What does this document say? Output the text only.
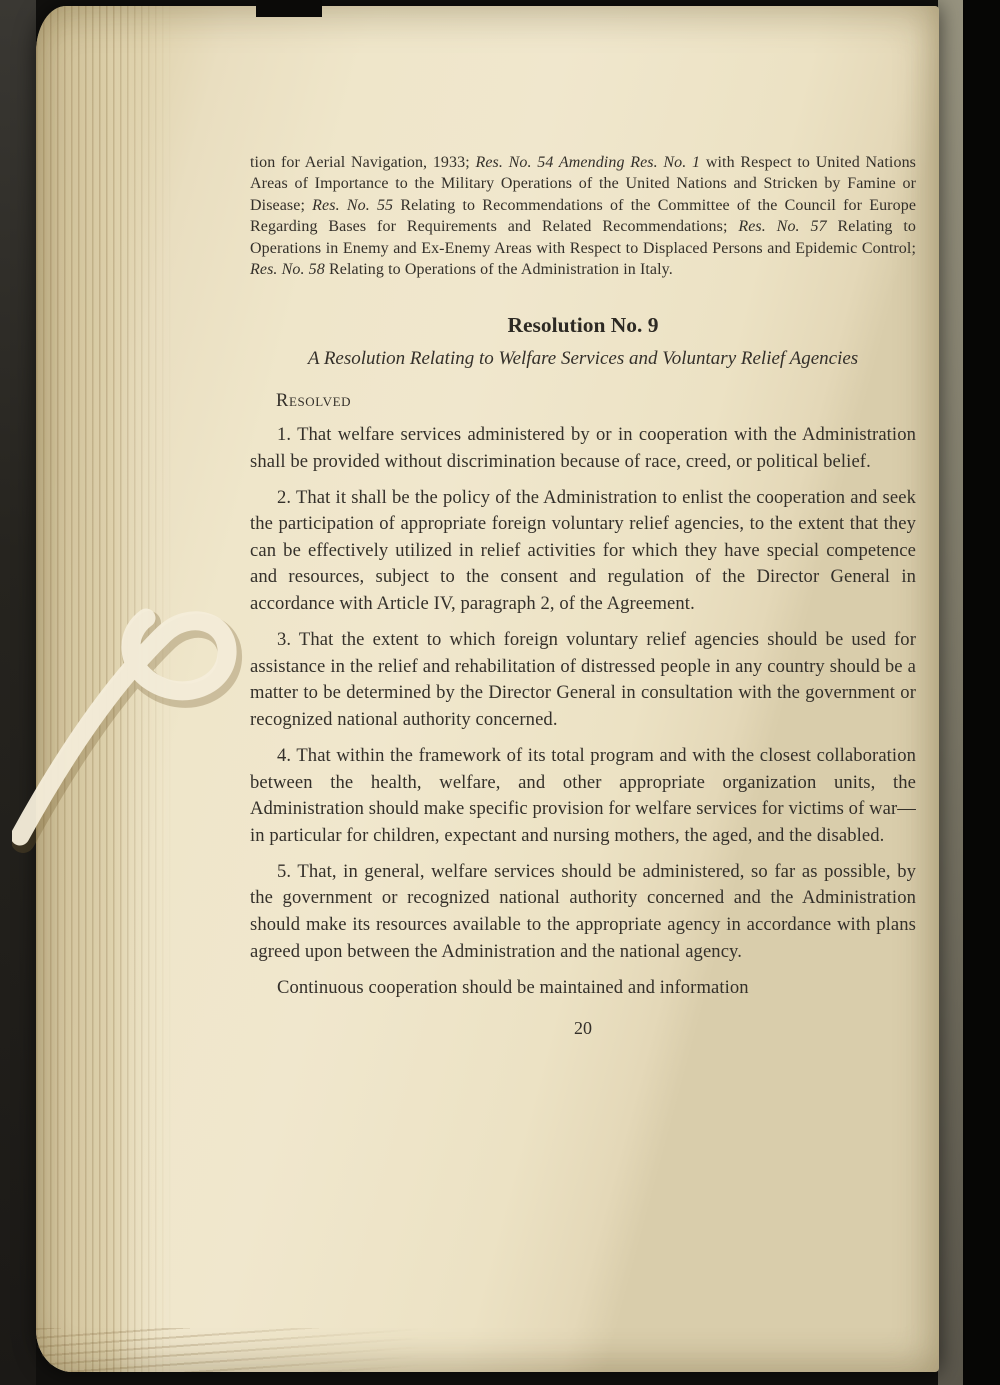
tion for Aerial Navigation, 1933; Res. No. 54 Amending Res. No. 1 with Respect to United Nations Areas of Importance to the Military Operations of the United Nations and Stricken by Famine or Disease; Res. No. 55 Relating to Recommendations of the Committee of the Council for Europe Regarding Bases for Requirements and Related Recommendations; Res. No. 57 Relating to Operations in Enemy and Ex-Enemy Areas with Respect to Displaced Persons and Epidemic Control; Res. No. 58 Relating to Operations of the Administration in Italy.

Resolution No. 9

A Resolution Relating to Welfare Services and Voluntary Relief Agencies

Resolved

1. That welfare services administered by or in cooperation with the Administration shall be provided without discrimination because of race, creed, or political belief.

2. That it shall be the policy of the Administration to enlist the cooperation and seek the participation of appropriate foreign voluntary relief agencies, to the extent that they can be effectively utilized in relief activities for which they have special competence and resources, subject to the consent and regulation of the Director General in accordance with Article IV, paragraph 2, of the Agreement.

3. That the extent to which foreign voluntary relief agencies should be used for assistance in the relief and rehabilitation of distressed people in any country should be a matter to be determined by the Director General in consultation with the government or recognized national authority concerned.

4. That within the framework of its total program and with the closest collaboration between the health, welfare, and other appropriate organization units, the Administration should make specific provision for welfare services for victims of war—in particular for children, expectant and nursing mothers, the aged, and the disabled.

5. That, in general, welfare services should be administered, so far as possible, by the government or recognized national authority concerned and the Administration should make its resources available to the appropriate agency in accordance with plans agreed upon between the Administration and the national agency.

Continuous cooperation should be maintained and information

20
